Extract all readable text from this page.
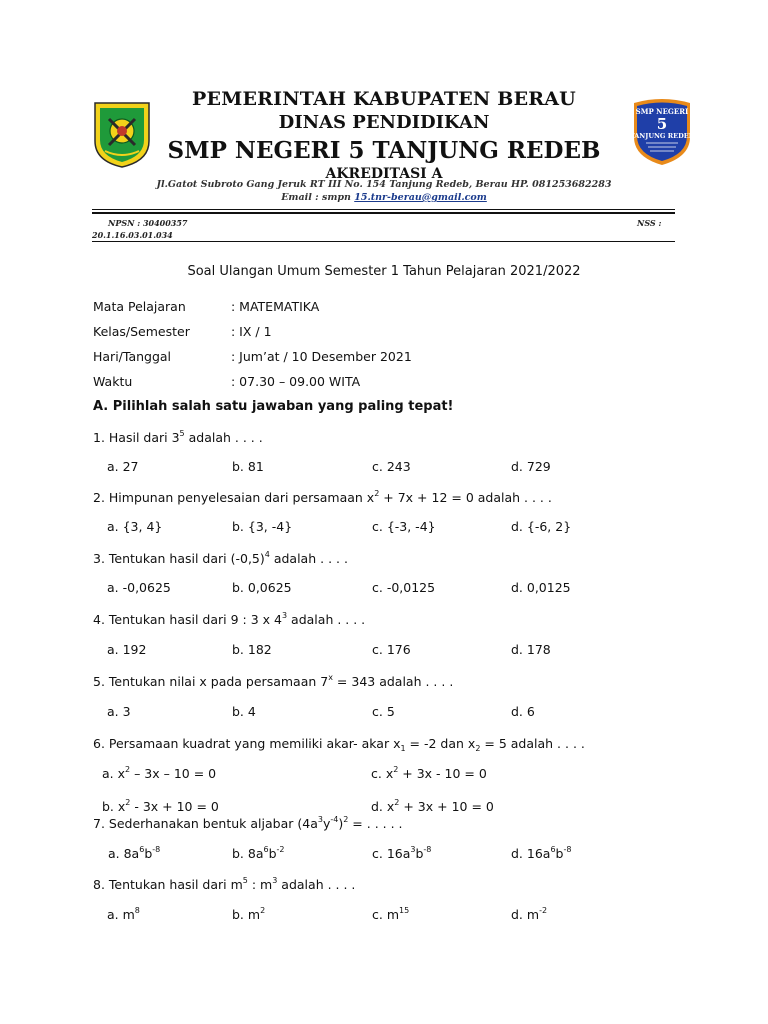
SMP NEGERI
5
TANJUNG REDEB
PEMERINTAH KABUPATEN BERAU
DINAS PENDIDIKAN
SMP NEGERI 5 TANJUNG REDEB
AKREDITASI A
Jl.Gatot Subroto Gang Jeruk RT III No. 154 Tanjung Redeb, Berau HP. 081253682283
Email : smpn 15.tnr-berau@gmail.com
NPSN : 30400357	NSS :
20.1.16.03.01.034
Soal Ulangan Umum Semester 1 Tahun Pelajaran 2021/2022
Mata Pelajaran	: MATEMATIKA
Kelas/Semester	: IX / 1
Hari/Tanggal	: Jum’at / 10 Desember 2021
Waktu	: 07.30 – 09.00 WITA
A. Pilihlah salah satu jawaban yang paling tepat!
1. Hasil dari $3^5$ adalah . . . .
a. 27	b. 81	c. 243	d. 729
2. Himpunan penyelesaian dari persamaan $x^2 + 7x + 12 = 0$ adalah . . . .
a. {3, 4}	b. {3, -4}	c. {-3, -4}	d. {-6, 2}
3. Tentukan hasil dari $(-0,5)^4$ adalah . . . .
a. -0,0625	b. 0,0625	c. -0,0125	d. 0,0125
4. Tentukan hasil dari 9 : 3 x $4^3$ adalah . . . .
a. 192	b. 182	c. 176	d. 178
5. Tentukan nilai x pada persamaan $7^x = 343$ adalah . . . .
a. 3	b. 4	c. 5	d. 6
6. Persamaan kuadrat yang memiliki akar- akar $x_1 = -2$ dan $x_2 = 5$ adalah . . . .
a. $x^2 - 3x - 10 = 0$	c. $x^2 + 3x - 10 = 0$
b. $x^2 - 3x + 10 = 0$	d. $x^2 + 3x + 10 = 0$
7. Sederhanakan bentuk aljabar $(4a^3y^{-4})^2$ = . . . . .
a. $8a^6b^{-8}$	b. $8a^6b^{-2}$	c. $16a^3b^{-8}$	d. $16a^6b^{-8}$
8. Tentukan hasil dari $m^5$ : $m^3$ adalah . . . .
a. $m^8$	b. $m^2$	c. $m^{15}$	d. $m^{-2}$
